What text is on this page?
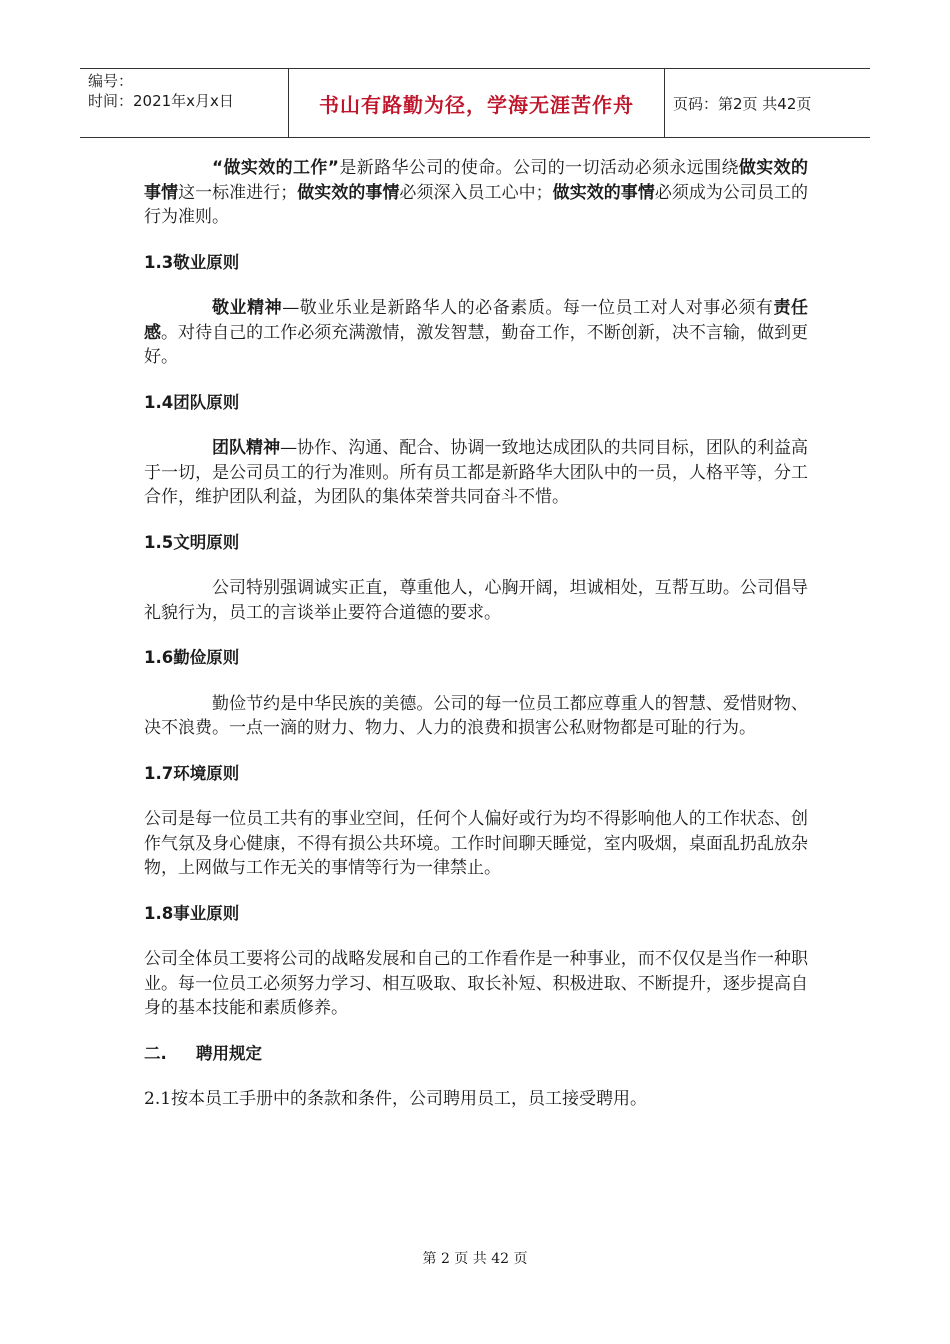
编号：
时间：2021年x月x日	书山有路勤为径，学海无涯苦作舟	页码：第2页 共42页

“做实效的工作”是新路华公司的使命。公司的一切活动必须永远围绕做实效的事情这一标准进行；做实效的事情必须深入员工心中；做实效的事情必须成为公司员工的行为准则。

1.3敬业原则

敬业精神—敬业乐业是新路华人的必备素质。每一位员工对人对事必须有责任感。对待自己的工作必须充满激情，激发智慧，勤奋工作，不断创新，决不言输，做到更好。

1.4团队原则

团队精神—协作、沟通、配合、协调一致地达成团队的共同目标，团队的利益高于一切，是公司员工的行为准则。所有员工都是新路华大团队中的一员，人格平等，分工合作，维护团队利益，为团队的集体荣誉共同奋斗不惜。

1.5文明原则

公司特别强调诚实正直，尊重他人，心胸开阔，坦诚相处，互帮互助。公司倡导礼貌行为，员工的言谈举止要符合道德的要求。

1.6勤俭原则

勤俭节约是中华民族的美德。公司的每一位员工都应尊重人的智慧、爱惜财物、决不浪费。一点一滴的财力、物力、人力的浪费和损害公私财物都是可耻的行为。

1.7环境原则

公司是每一位员工共有的事业空间，任何个人偏好或行为均不得影响他人的工作状态、创作气氛及身心健康，不得有损公共环境。工作时间聊天睡觉，室内吸烟，桌面乱扔乱放杂物，上网做与工作无关的事情等行为一律禁止。

1.8事业原则

公司全体员工要将公司的战略发展和自己的工作看作是一种事业，而不仅仅是当作一种职业。每一位员工必须努力学习、相互吸取、取长补短、积极进取、不断提升，逐步提高自身的基本技能和素质修养。

二. 聘用规定

2.1按本员工手册中的条款和条件，公司聘用员工，员工接受聘用。

第 2 页 共 42 页
